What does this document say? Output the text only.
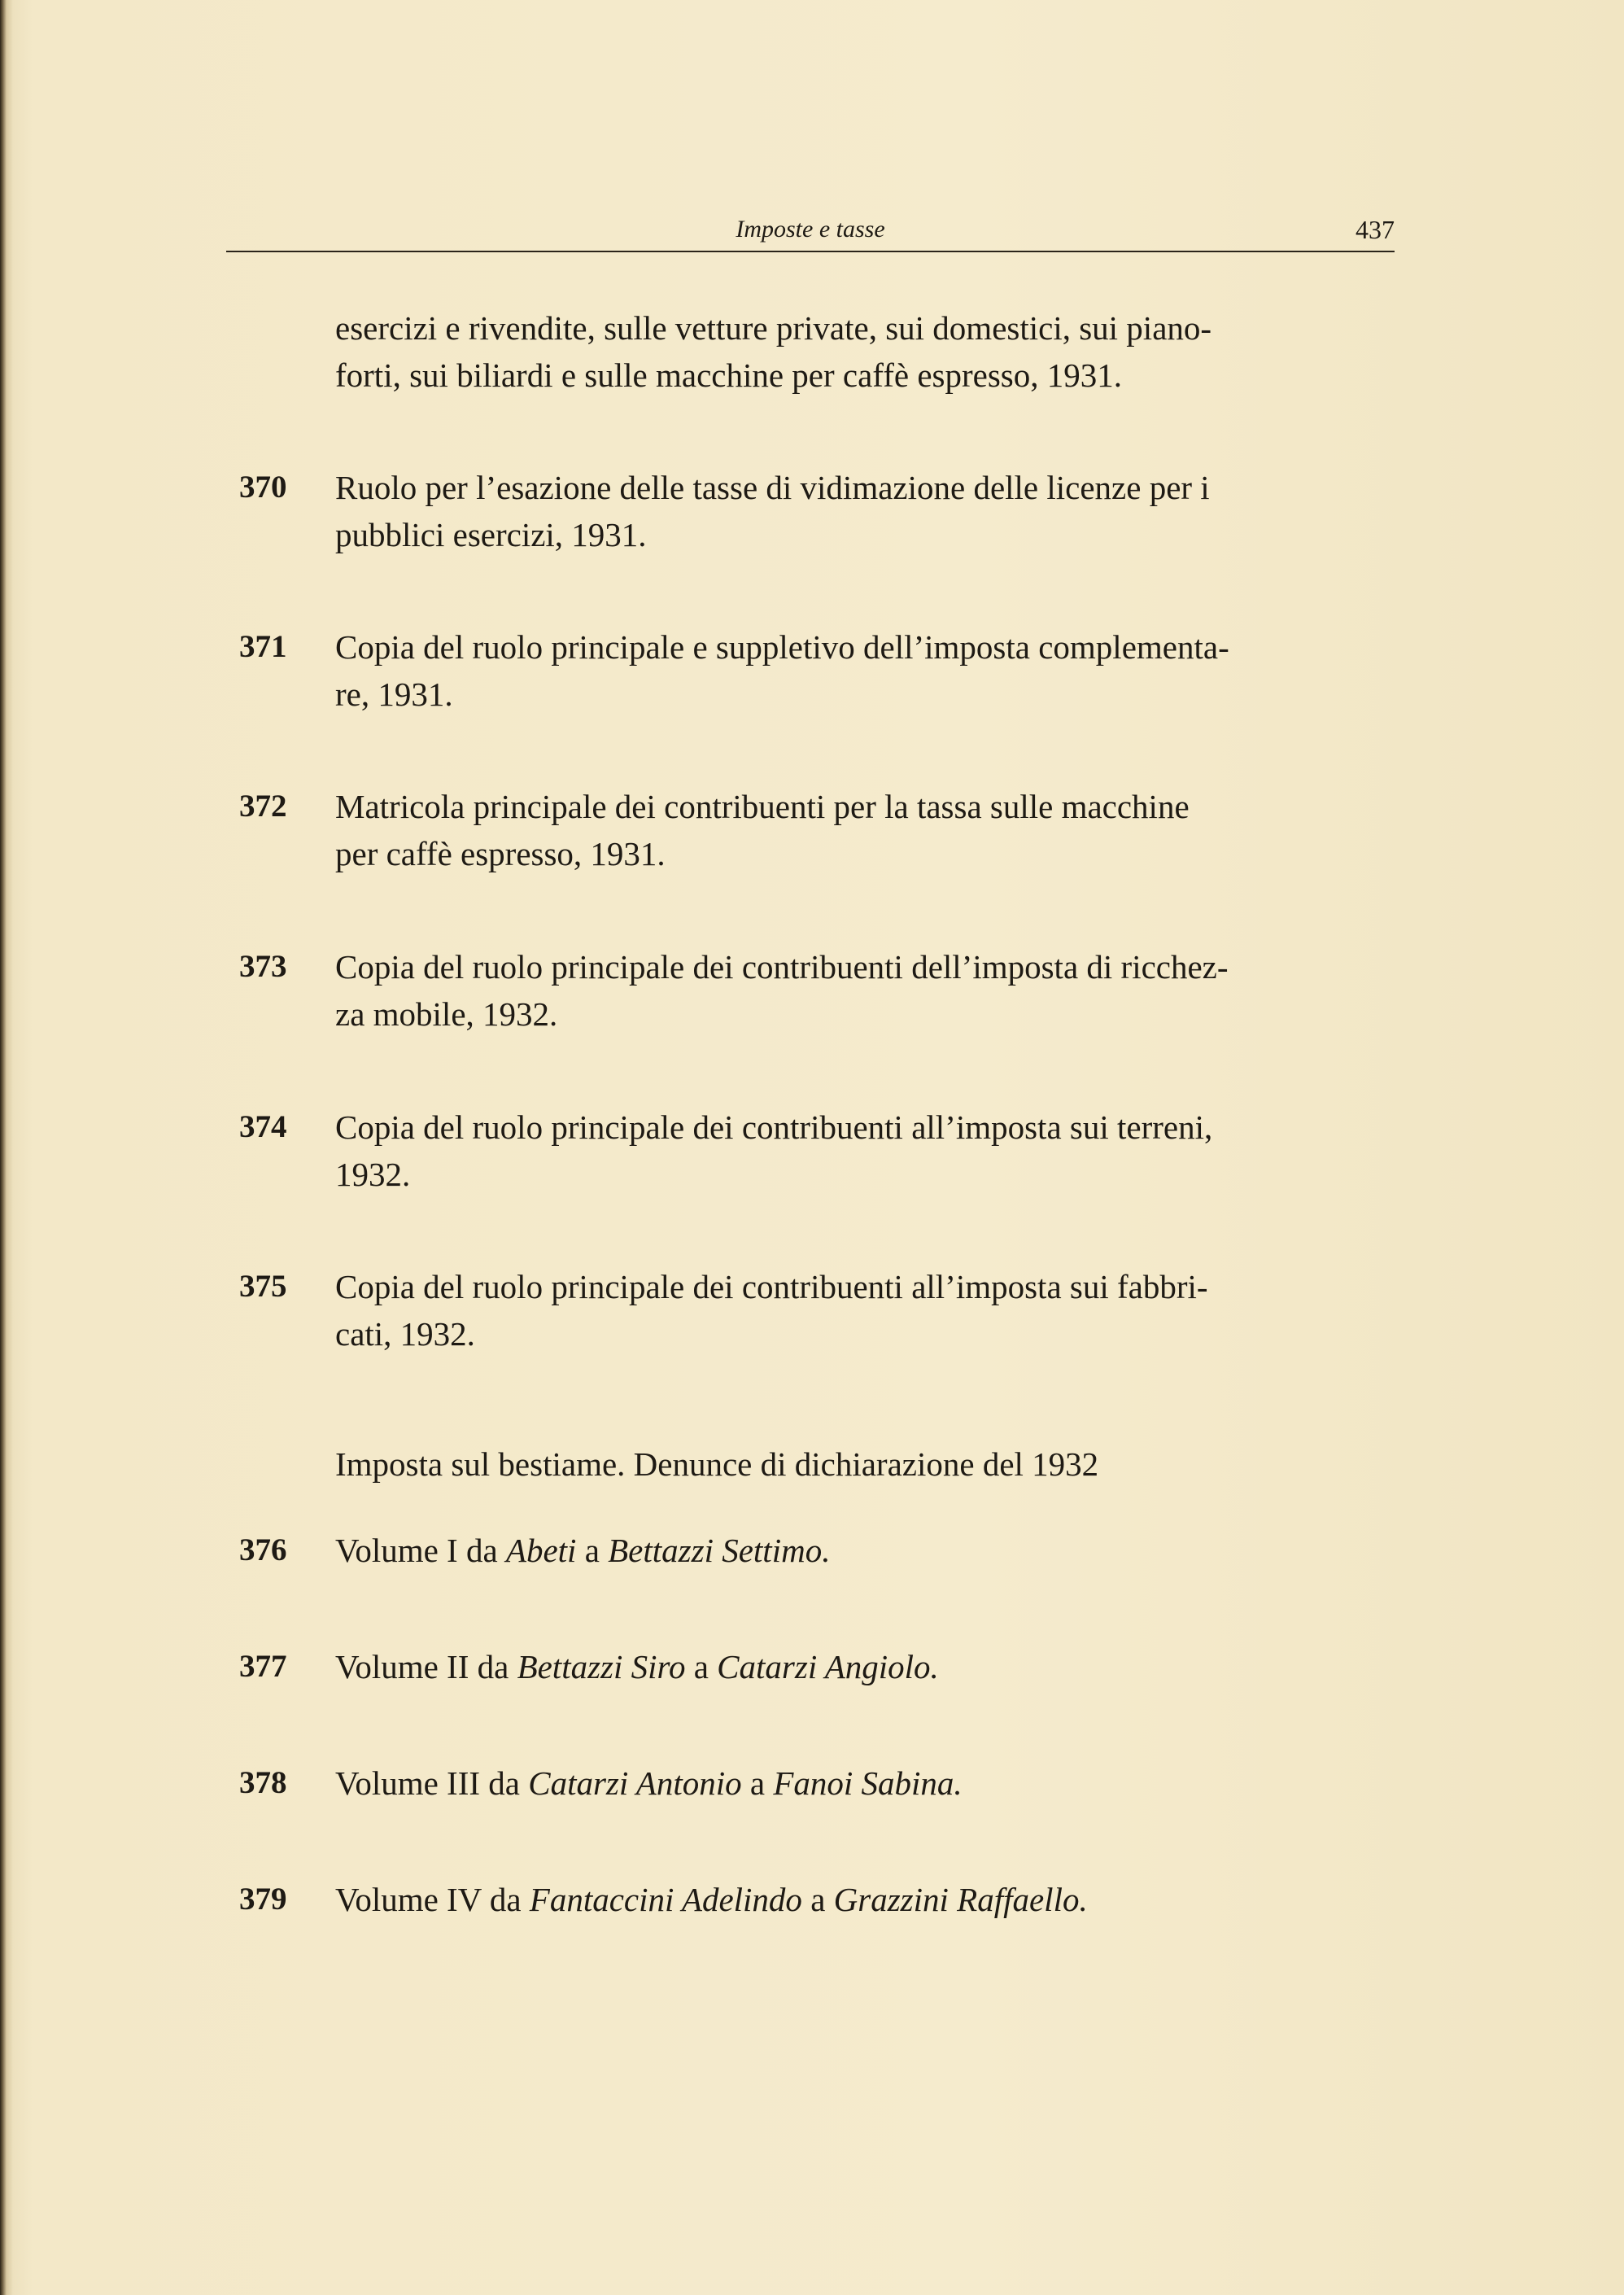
Imposte e tasse	437
esercizi e rivendite, sulle vetture private, sui domestici, sui piano-
forti, sui biliardi e sulle macchine per caffè espresso, 1931.
370 Ruolo per l’esazione delle tasse di vidimazione delle licenze per i
pubblici esercizi, 1931.
371 Copia del ruolo principale e suppletivo dell’imposta complementa-
re, 1931.
372 Matricola principale dei contribuenti per la tassa sulle macchine
per caffè espresso, 1931.
373 Copia del ruolo principale dei contribuenti dell’imposta di ricchez-
za mobile, 1932.
374 Copia del ruolo principale dei contribuenti all’imposta sui terreni,
1932.
375 Copia del ruolo principale dei contribuenti all’imposta sui fabbri-
cati, 1932.
Imposta sul bestiame. Denunce di dichiarazione del 1932
376 Volume I da Abeti a Bettazzi Settimo.
377 Volume II da Bettazzi Siro a Catarzi Angiolo.
378 Volume III da Catarzi Antonio a Fanoi Sabina.
379 Volume IV da Fantaccini Adelindo a Grazzini Raffaello.
